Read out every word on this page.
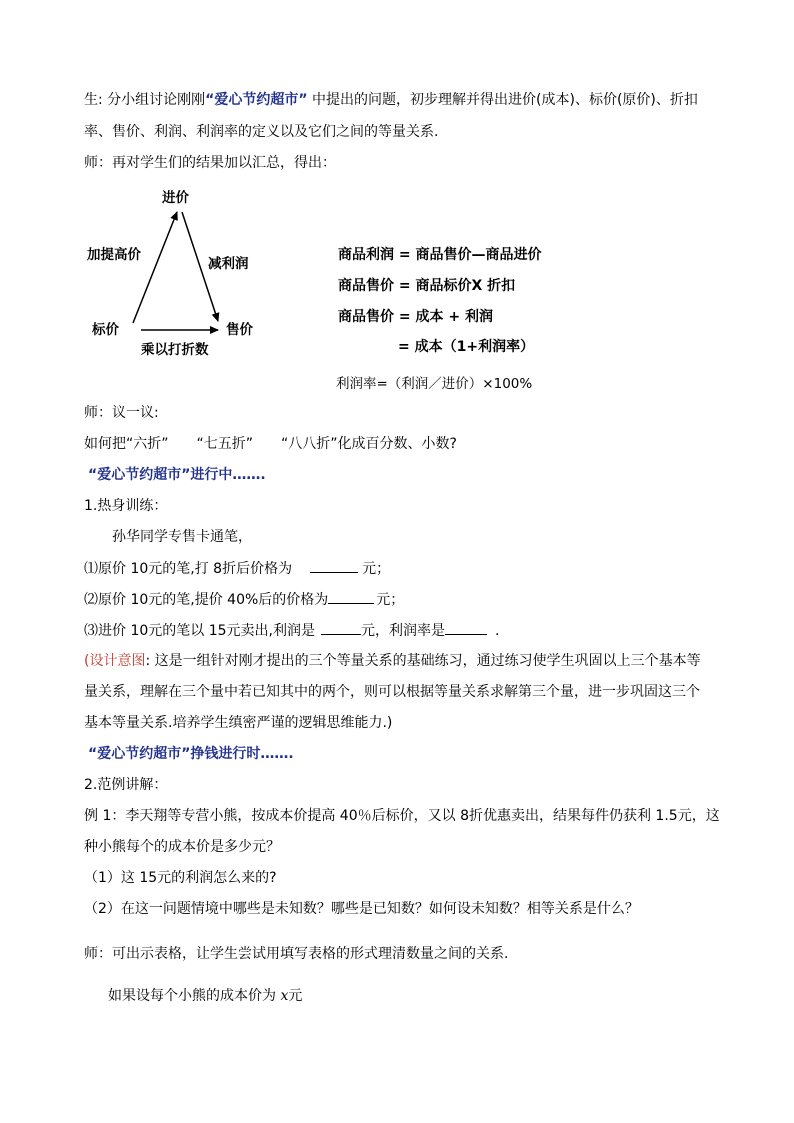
生: 分小组讨论刚刚“爱心节约超市” 中提出的问题，初步理解并得出进价(成本)、标价(原价)、折扣
率、售价、利润、利润率的定义以及它们之间的等量关系.
师：再对学生们的结果加以汇总，得出：
进价
加提高价
减利润
标价	售价
乘以打折数
商品利润 = 商品售价—商品进价
商品售价 = 商品标价X 折扣
商品售价 = 成本 + 利润
= 成本（1+利润率）
利润率=（利润／进价）×100%
师：议一议:
如何把“六折”　　“七五折”　　“八八折”化成百分数、小数?
“爱心节约超市”进行中…….
1.热身训练：
孙华同学专售卡通笔，
⑴原价 10元的笔,打 8折后价格为	元；
⑵原价 10元的笔,提价 40%后的价格为	元；
⑶进价 10元的笔以 15元卖出,利润是	元，利润率是	.
(设计意图: 这是一组针对刚才提出的三个等量关系的基础练习，通过练习使学生巩固以上三个基本等
量关系，理解在三个量中若已知其中的两个，则可以根据等量关系求解第三个量，进一步巩固这三个
基本等量关系.培养学生缜密严谨的逻辑思维能力.)
“爱心节约超市”挣钱进行时…….
2.范例讲解：
例 1：李天翔等专营小熊，按成本价提高 40％后标价，又以 8折优惠卖出，结果每件仍获利 1.5元，这
种小熊每个的成本价是多少元？
（1）这 15元的利润怎么来的?
（2）在这一问题情境中哪些是未知数？哪些是已知数？如何设未知数？相等关系是什么？
师：可出示表格，让学生尝试用填写表格的形式理清数量之间的关系.
如果设每个小熊的成本价为 x元
